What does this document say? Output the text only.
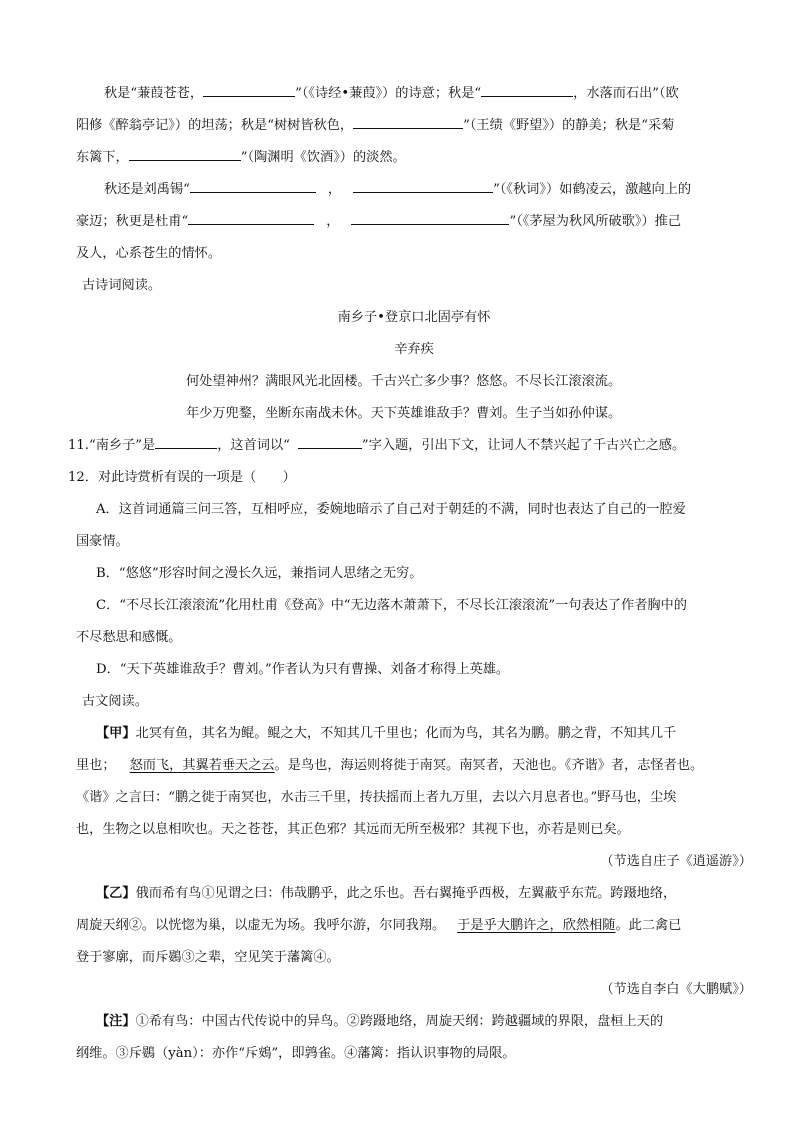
秋是“蒹葭苍苍，	”（《诗经•蒹葭》）的诗意；秋是“	，水落而石出”（欧

阳修《醉翁亭记》）的坦荡；秋是“树树皆秋色，	”（王绩《野望》）的静美；秋是“采菊

东篱下，	”（陶渊明《饮酒》）的淡然。

秋还是刘禹锡“	，	”（《秋词》）如鹤凌云，激越向上的

豪迈；秋更是杜甫“	，	”（《茅屋为秋风所破歌》）推己

及人，心系苍生的情怀。

古诗词阅读。

南乡子•登京口北固亭有怀

辛弃疾

何处望神州？满眼风光北固楼。千古兴亡多少事？悠悠。不尽长江滚滚流。

年少万兜鍪，坐断东南战未休。天下英雄谁敌手？曹刘。生子当如孙仲谋。

11.“南乡子”是	，这首词以“	”字入题，引出下文，让词人不禁兴起了千古兴亡之感。

12．对此诗赏析有误的一项是（　　）

A．这首词通篇三问三答，互相呼应，委婉地暗示了自己对于朝廷的不满，同时也表达了自己的一腔爱

国豪情。

B．“悠悠”形容时间之漫长久远，兼指词人思绪之无穷。

C．“不尽长江滚滚流”化用杜甫《登高》中“无边落木萧萧下，不尽长江滚滚流”一句表达了作者胸中的

不尽愁思和感慨。

D．“天下英雄谁敌手？曹刘。”作者认为只有曹操、刘备才称得上英雄。

古文阅读。

【甲】北冥有鱼，其名为鲲。鲲之大，不知其几千里也；化而为鸟，其名为鹏。鹏之背，不知其几千

里也； 怒而飞，其翼若垂天之云。是鸟也，海运则将徙于南冥。南冥者，天池也。《齐谐》者，志怪者也。

《谐》之言曰：“鹏之徙于南冥也，水击三千里，抟扶摇而上者九万里，去以六月息者也。”野马也，尘埃

也，生物之以息相吹也。天之苍苍，其正色邪？其远而无所至极邪？其视下也，亦若是则已矣。

（节选自庄子《逍遥游》）

【乙】俄而希有鸟①见谓之曰：伟哉鹏乎，此之乐也。吾右翼掩乎西极，左翼蔽乎东荒。跨蹑地络，

周旋天纲②。以恍惚为巢，以虚无为场。我呼尔游，尔同我翔。 于是乎大鹏许之，欣然相随。此二禽已

登于寥廓，而斥鷃③之辈，空见笑于藩篱④。

（节选自李白《大鹏赋》）

【注】①希有鸟：中国古代传说中的异鸟。②跨蹑地络，周旋天纲：跨越疆域的界限，盘桓上天的

纲维。③斥鷃（yàn）：亦作“斥鴳”，即鹑雀。④藩篱：指认识事物的局限。
